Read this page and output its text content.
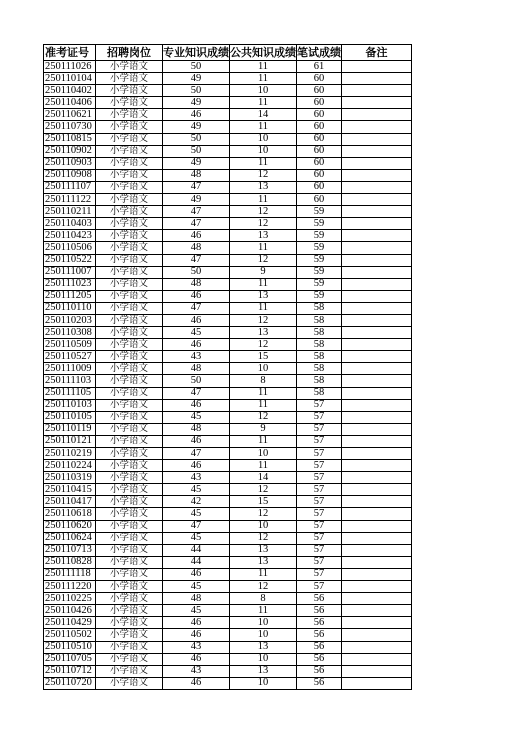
准考证号	招聘岗位	专业知识成绩	公共知识成绩	笔试成绩	备注
250111026	小学语文	50	11	61	
250110104	小学语文	49	11	60	
250110402	小学语文	50	10	60	
250110406	小学语文	49	11	60	
250110621	小学语文	46	14	60	
250110730	小学语文	49	11	60	
250110815	小学语文	50	10	60	
250110902	小学语文	50	10	60	
250110903	小学语文	49	11	60	
250110908	小学语文	48	12	60	
250111107	小学语文	47	13	60	
250111122	小学语文	49	11	60	
250110211	小学语文	47	12	59	
250110403	小学语文	47	12	59	
250110423	小学语文	46	13	59	
250110506	小学语文	48	11	59	
250110522	小学语文	47	12	59	
250111007	小学语文	50	9	59	
250111023	小学语文	48	11	59	
250111205	小学语文	46	13	59	
250110110	小学语文	47	11	58	
250110203	小学语文	46	12	58	
250110308	小学语文	45	13	58	
250110509	小学语文	46	12	58	
250110527	小学语文	43	15	58	
250111009	小学语文	48	10	58	
250111103	小学语文	50	8	58	
250111105	小学语文	47	11	58	
250110103	小学语文	46	11	57	
250110105	小学语文	45	12	57	
250110119	小学语文	48	9	57	
250110121	小学语文	46	11	57	
250110219	小学语文	47	10	57	
250110224	小学语文	46	11	57	
250110319	小学语文	43	14	57	
250110415	小学语文	45	12	57	
250110417	小学语文	42	15	57	
250110618	小学语文	45	12	57	
250110620	小学语文	47	10	57	
250110624	小学语文	45	12	57	
250110713	小学语文	44	13	57	
250110828	小学语文	44	13	57	
250111118	小学语文	46	11	57	
250111220	小学语文	45	12	57	
250110225	小学语文	48	8	56	
250110426	小学语文	45	11	56	
250110429	小学语文	46	10	56	
250110502	小学语文	46	10	56	
250110510	小学语文	43	13	56	
250110705	小学语文	46	10	56	
250110712	小学语文	43	13	56	
250110720	小学语文	46	10	56	
